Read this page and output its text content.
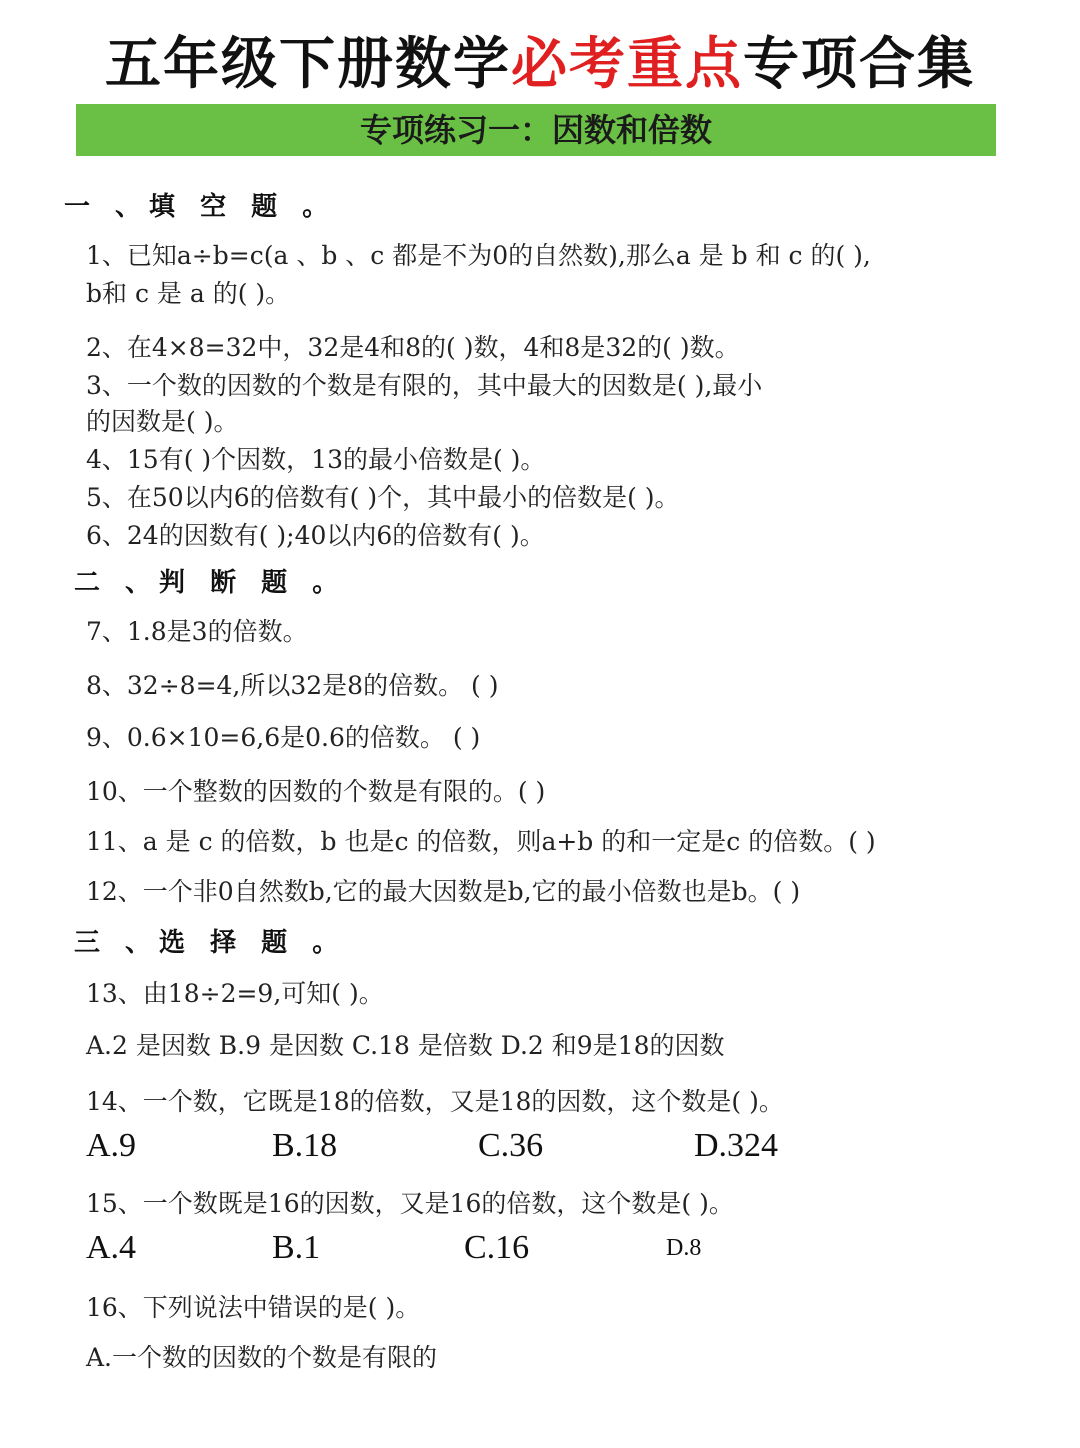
五年级下册数学必考重点专项合集
专项练习一：因数和倍数
一 、填 空 题 。
1、已知a÷b=c(a 、b 、c 都是不为0的自然数),那么a 是 b 和 c 的( ),
b和 c 是 a 的( )。
2、在4×8=32中，32是4和8的( )数，4和8是32的( )数。
3、一个数的因数的个数是有限的，其中最大的因数是( ),最小
的因数是( )。
4、15有( )个因数，13的最小倍数是( )。
5、在50以内6的倍数有( )个，其中最小的倍数是( )。
6、24的因数有( );40以内6的倍数有( )。
二 、判 断 题 。
7、1.8是3的倍数。
8、32÷8=4,所以32是8的倍数。 ( )
9、0.6×10=6,6是0.6的倍数。 ( )
10、一个整数的因数的个数是有限的。( )
11、a 是 c 的倍数，b 也是c 的倍数，则a+b 的和一定是c 的倍数。( )
12、一个非0自然数b,它的最大因数是b,它的最小倍数也是b。( )
三 、选 择 题 。
13、由18÷2=9,可知( )。
A.2 是因数 B.9 是因数 C.18 是倍数 D.2 和9是18的因数
14、一个数，它既是18的倍数，又是18的因数，这个数是( )。
A.9	B.18	C.36	D.324
15、一个数既是16的因数，又是16的倍数，这个数是( )。
A.4	B.1	C.16	D.8
16、下列说法中错误的是( )。
A.一个数的因数的个数是有限的
